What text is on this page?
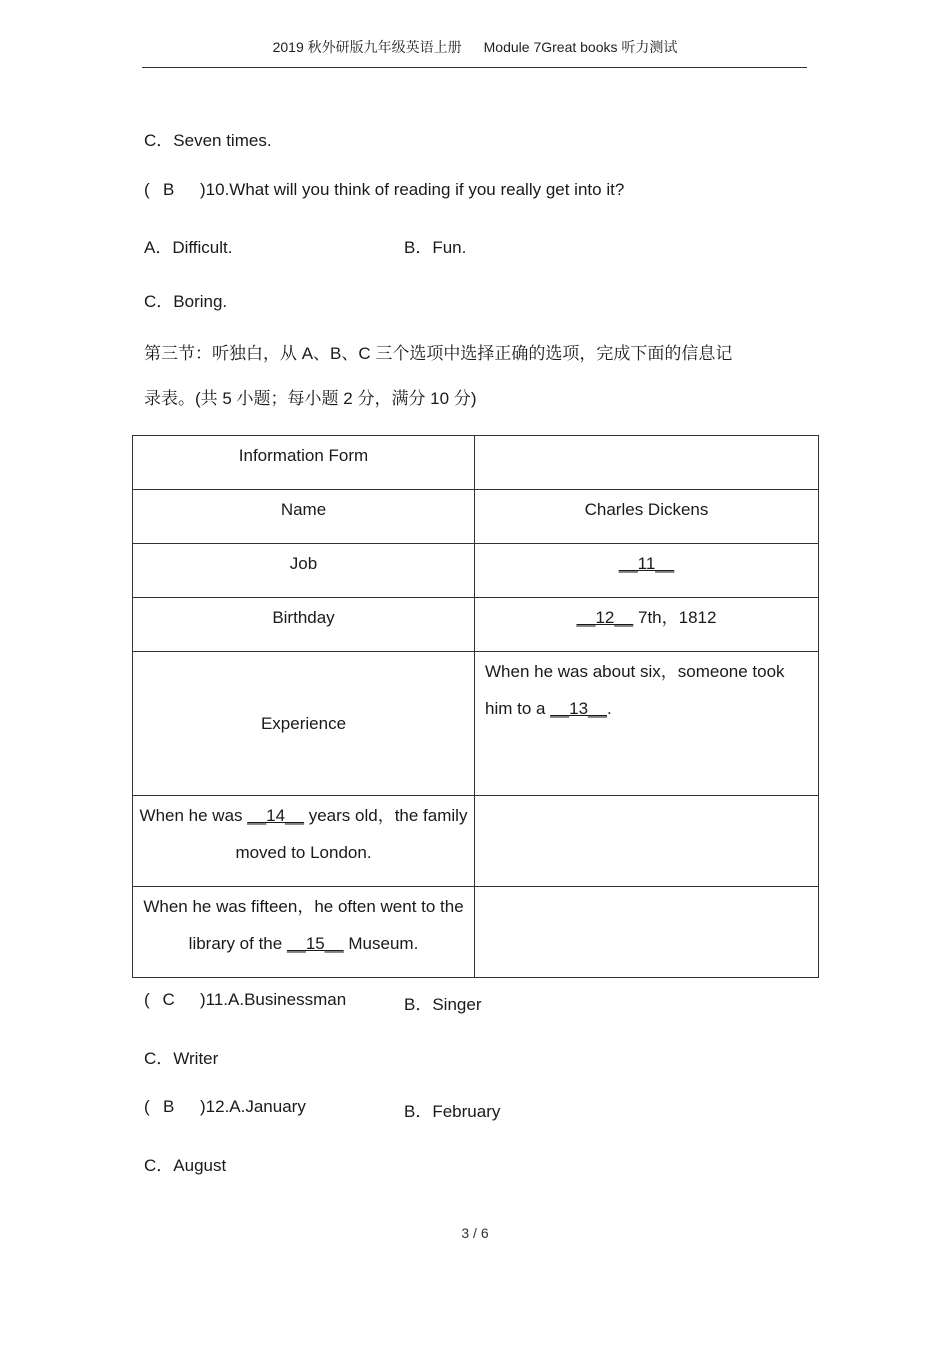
2019 秋外研版九年级英语上册 Module 7Great books 听力测试
C．Seven times.
( B )10.What will you think of reading if you really get into it?
A．Difficult.	B．Fun.
C．Boring.
第三节：听独白，从 A、B、C 三个选项中选择正确的选项，完成下面的信息记
录表。(共 5 小题；每小题 2 分，满分 10 分)
Information Form	
Name	Charles Dickens
Job	__11__
Birthday	__12__ 7th，1812
Experience	When he was about six，someone took him to a __13__.
When he was __14__ years old，the family moved to London.	
When he was fifteen，he often went to the library of the __15__ Museum.	
( C )11.A.Businessman	B．Singer
C．Writer
( B )12.A.January	B．February
C．August
3 / 6
